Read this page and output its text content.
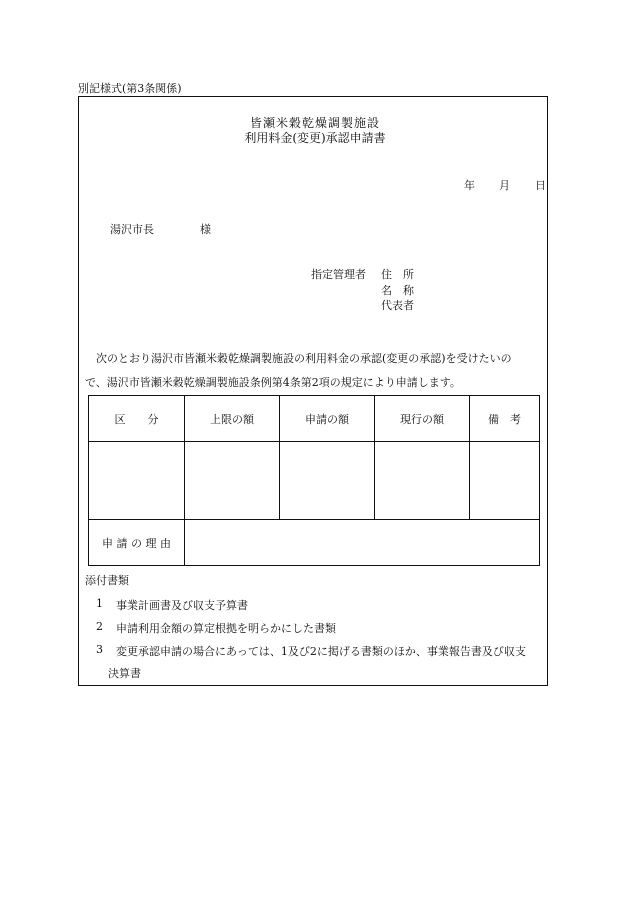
別記様式(第3条関係)
皆瀬米穀乾燥調製施設
利用料金(変更)承認申請書
年 月 日
湯沢市長	様
指定管理者 住　所
名　称
代表者
次のとおり湯沢市皆瀬米穀乾燥調製施設の利用料金の承認(変更の承認)を受けたいの
で、湯沢市皆瀬米穀乾燥調製施設条例第4条第2項の規定により申請します。
区　　分	上限の額	申請の額	現行の額	備　考

申 請 の 理 由				
添付書類
1 事業計画書及び収支予算書
2 申請利用金額の算定根拠を明らかにした書類
3 変更承認申請の場合にあっては、1及び2に掲げる書類のほか、事業報告書及び収支
決算書
